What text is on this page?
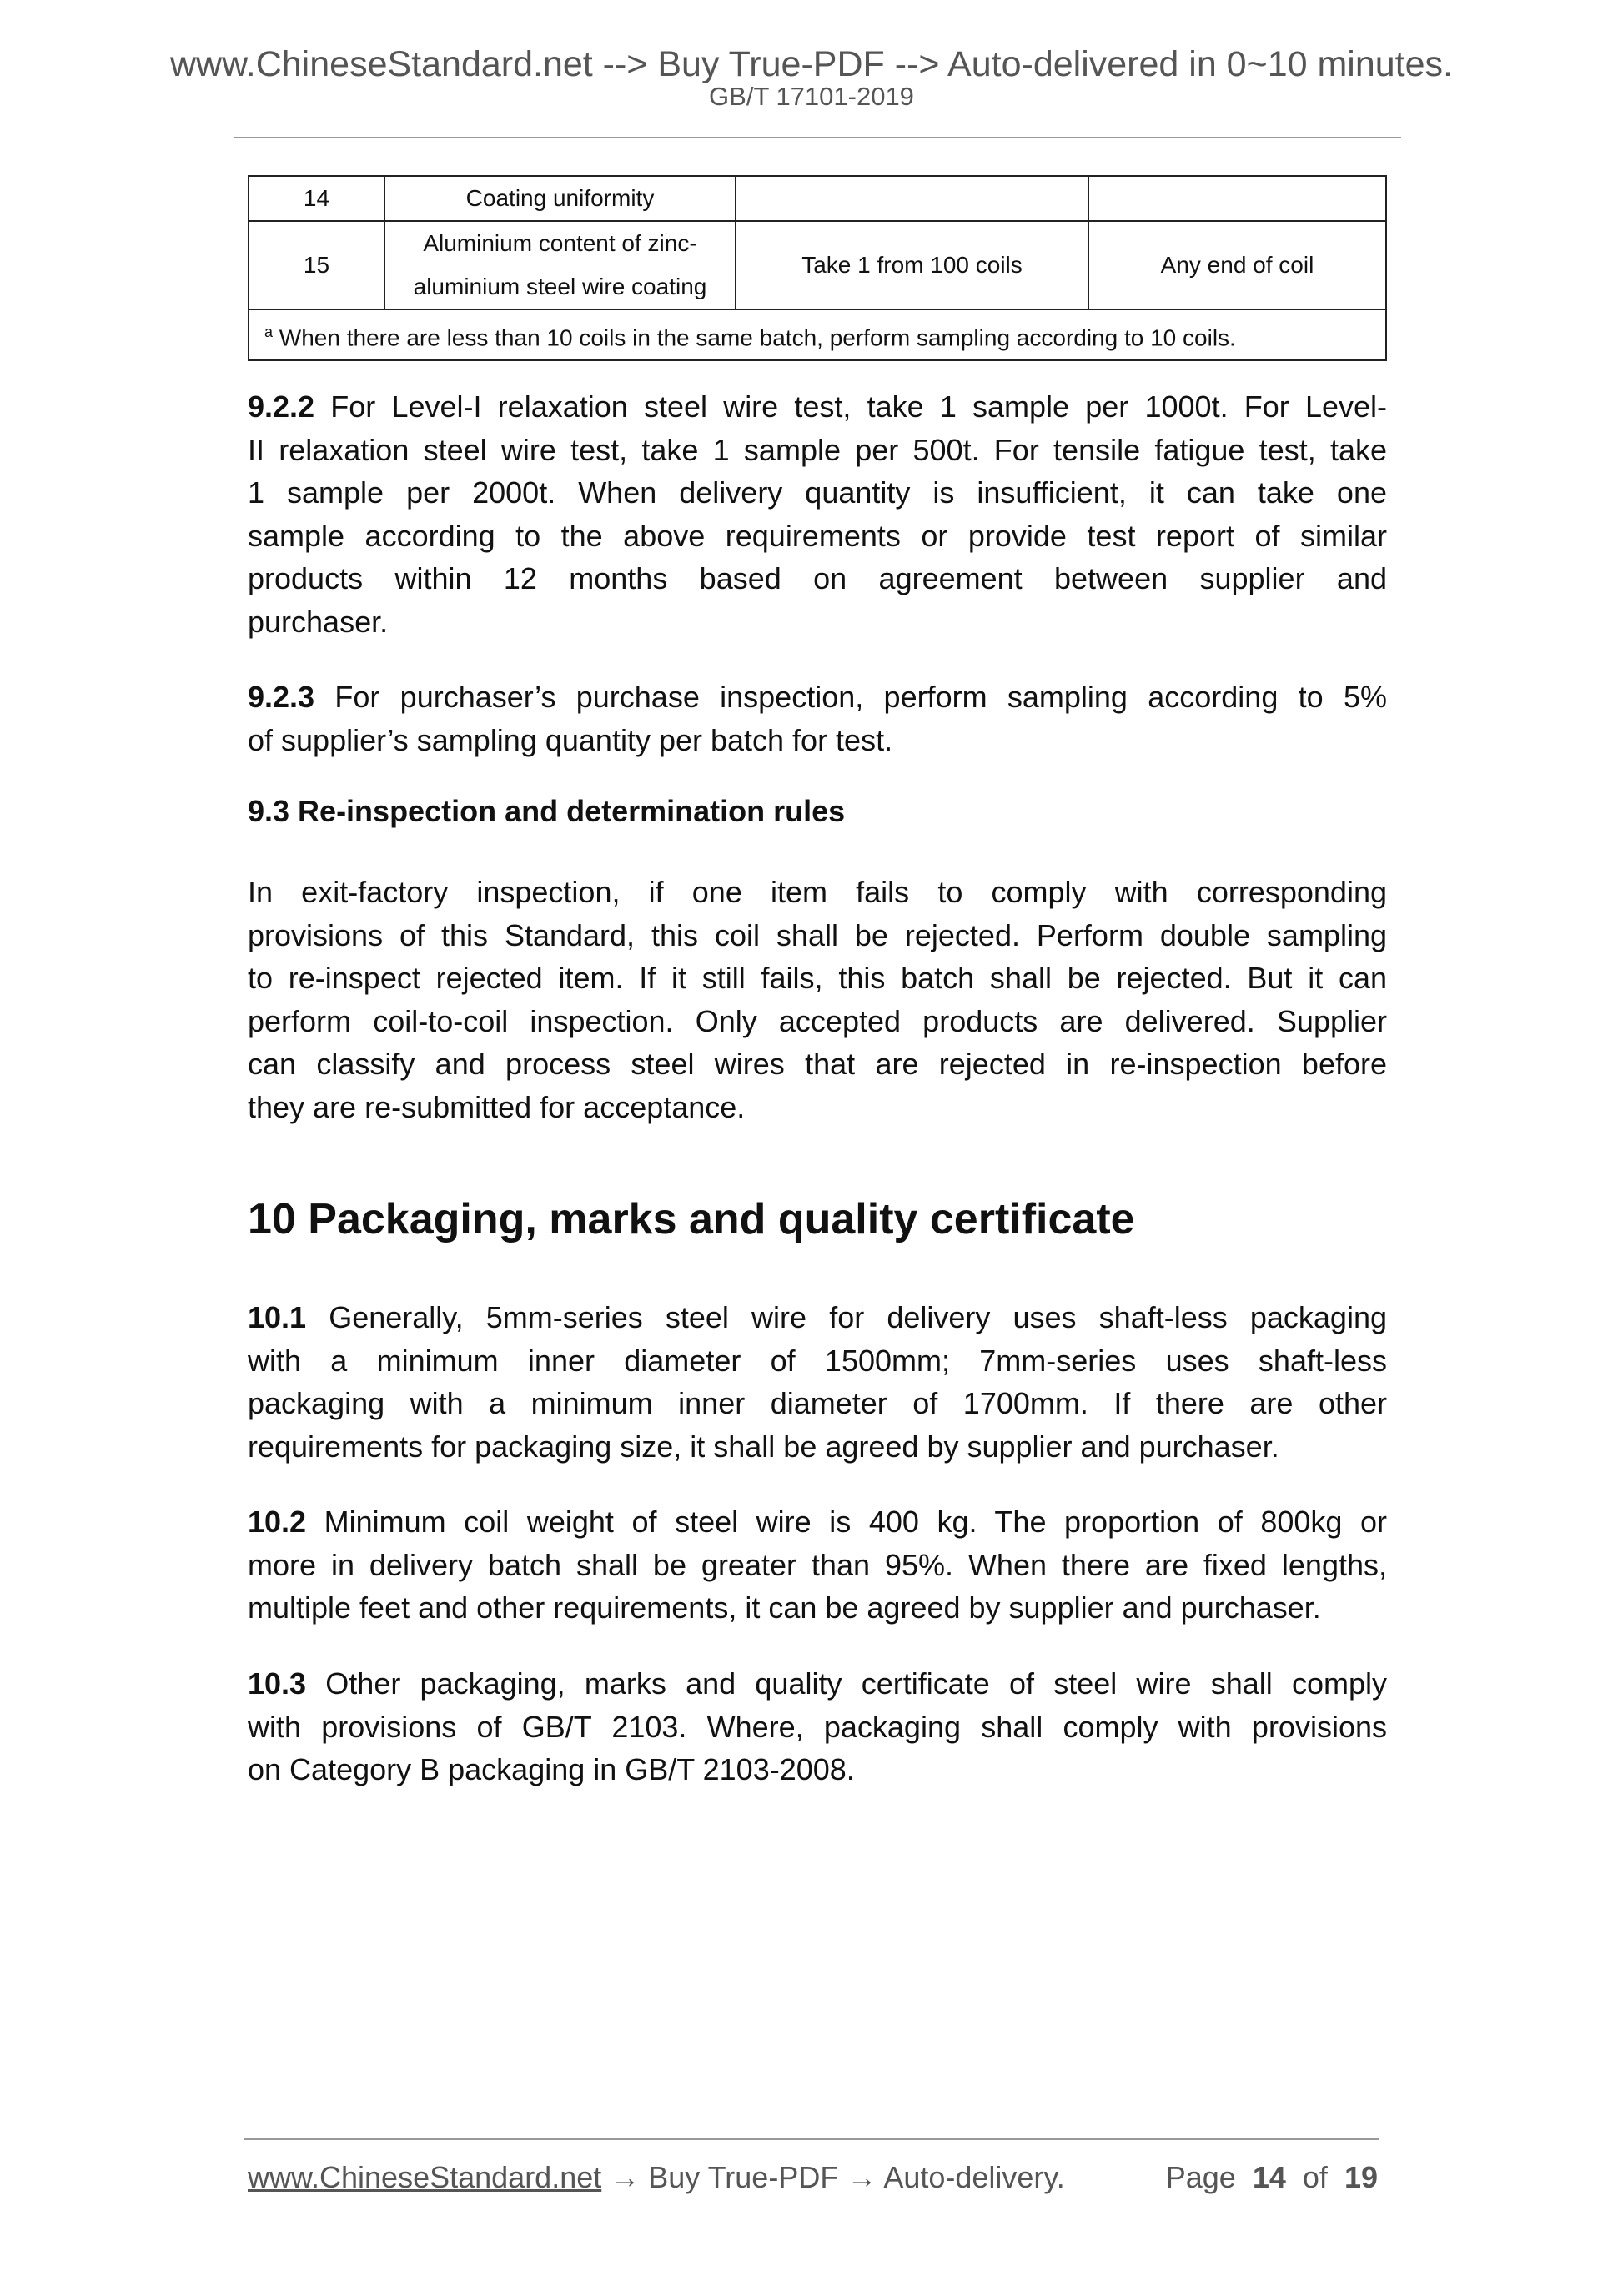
www.ChineseStandard.net --> Buy True-PDF --> Auto-delivered in 0~10 minutes.
GB/T 17101-2019
14	Coating uniformity		
15	Aluminium content of zinc-
aluminium steel wire coating	Take 1 from 100 coils	Any end of coil
$^a$ When there are less than 10 coils in the same batch, perform sampling according to 10 coils.			
9.2.2 For Level-I relaxation steel wire test, take 1 sample per 1000t. For Level-
II relaxation steel wire test, take 1 sample per 500t. For tensile fatigue test, take
1 sample per 2000t. When delivery quantity is insufficient, it can take one
sample according to the above requirements or provide test report of similar
products within 12 months based on agreement between supplier and
purchaser.
9.2.3 For purchaser’s purchase inspection, perform sampling according to 5%
of supplier’s sampling quantity per batch for test.
9.3 Re-inspection and determination rules
In exit-factory inspection, if one item fails to comply with corresponding
provisions of this Standard, this coil shall be rejected. Perform double sampling
to re-inspect rejected item. If it still fails, this batch shall be rejected. But it can
perform coil-to-coil inspection. Only accepted products are delivered. Supplier
can classify and process steel wires that are rejected in re-inspection before
they are re-submitted for acceptance.
10 Packaging, marks and quality certificate
10.1 Generally, 5mm-series steel wire for delivery uses shaft-less packaging
with a minimum inner diameter of 1500mm; 7mm-series uses shaft-less
packaging with a minimum inner diameter of 1700mm. If there are other
requirements for packaging size, it shall be agreed by supplier and purchaser.
10.2 Minimum coil weight of steel wire is 400 kg. The proportion of 800kg or
more in delivery batch shall be greater than 95%. When there are fixed lengths,
multiple feet and other requirements, it can be agreed by supplier and purchaser.
10.3 Other packaging, marks and quality certificate of steel wire shall comply
with provisions of GB/T 2103. Where, packaging shall comply with provisions
on Category B packaging in GB/T 2103-2008.
www.ChineseStandard.net → Buy True-PDF → Auto-delivery.	Page 14 of 19
